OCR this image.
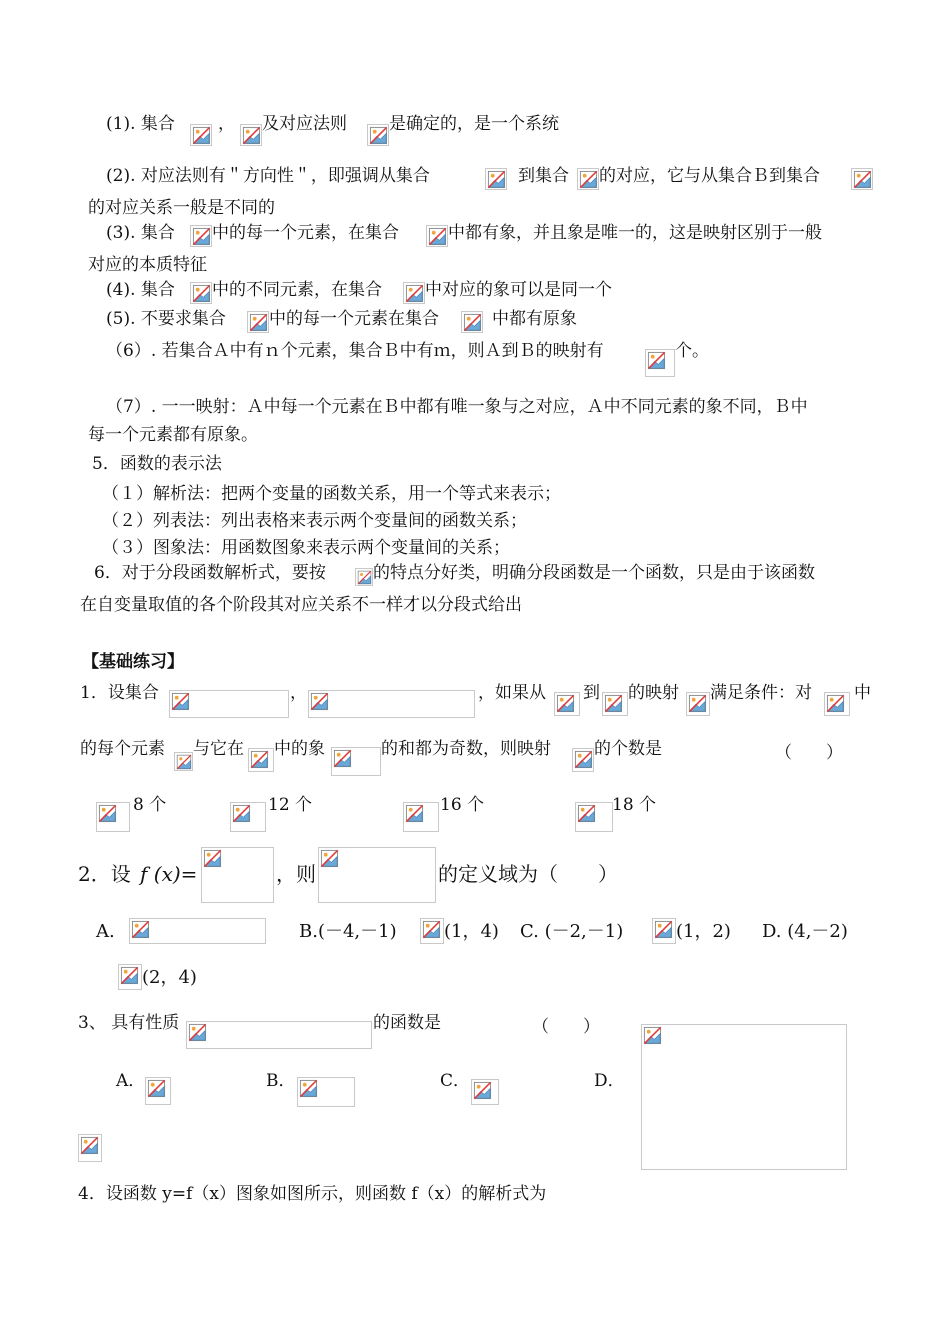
(1). 集合	， 及对应法则 是确定的，是一个系统
(2). 对应法则有＂方向性＂，即强调从集合	到集合 的对应，它与从集合Ｂ到集合
的对应关系一般是不同的
(3). 集合 中的每一个元素，在集合	中都有象，并且象是唯一的，这是映射区别于一般
对应的本质特征
(4). 集合 中的不同元素，在集合	中对应的象可以是同一个
(5). 不要求集合	中的每一个元素在集合	中都有原象
（6）. 若集合Ａ中有ｎ个元素，集合Ｂ中有ｍ，则Ａ到Ｂ的映射有	个。
（7）. 一一映射：Ａ中每一个元素在Ｂ中都有唯一象与之对应，Ａ中不同元素的象不同，Ｂ中
每一个元素都有原象。
5．函数的表示法
（１）解析法：把两个变量的函数关系，用一个等式来表示；
（２）列表法：列出表格来表示两个变量间的函数关系；
（３）图象法：用函数图象来表示两个变量间的关系；
6．对于分段函数解析式，要按	的特点分好类，明确分段函数是一个函数，只是由于该函数
在自变量取值的各个阶段其对应关系不一样才以分段式给出
【基础练习】
1．设集合	，	，如果从 到 的映射 满足条件：对 中
的每个元素 与它在 中的象	的和都为奇数，则映射	的个数是	（　　）
8 个	12 个	16 个	18 个
2．设 f (x)=	，则	的定义域为（　　）
A.	B.(－4,－1)	(1，4) C. (－2,－1)	(1，2) D. (4,－2)
(2，4)
3、 具有性质	的函数是	（　　）
A．	B．	C．	D．
4．设函数 y=f（x）图象如图所示，则函数 f（x）的解析式为
